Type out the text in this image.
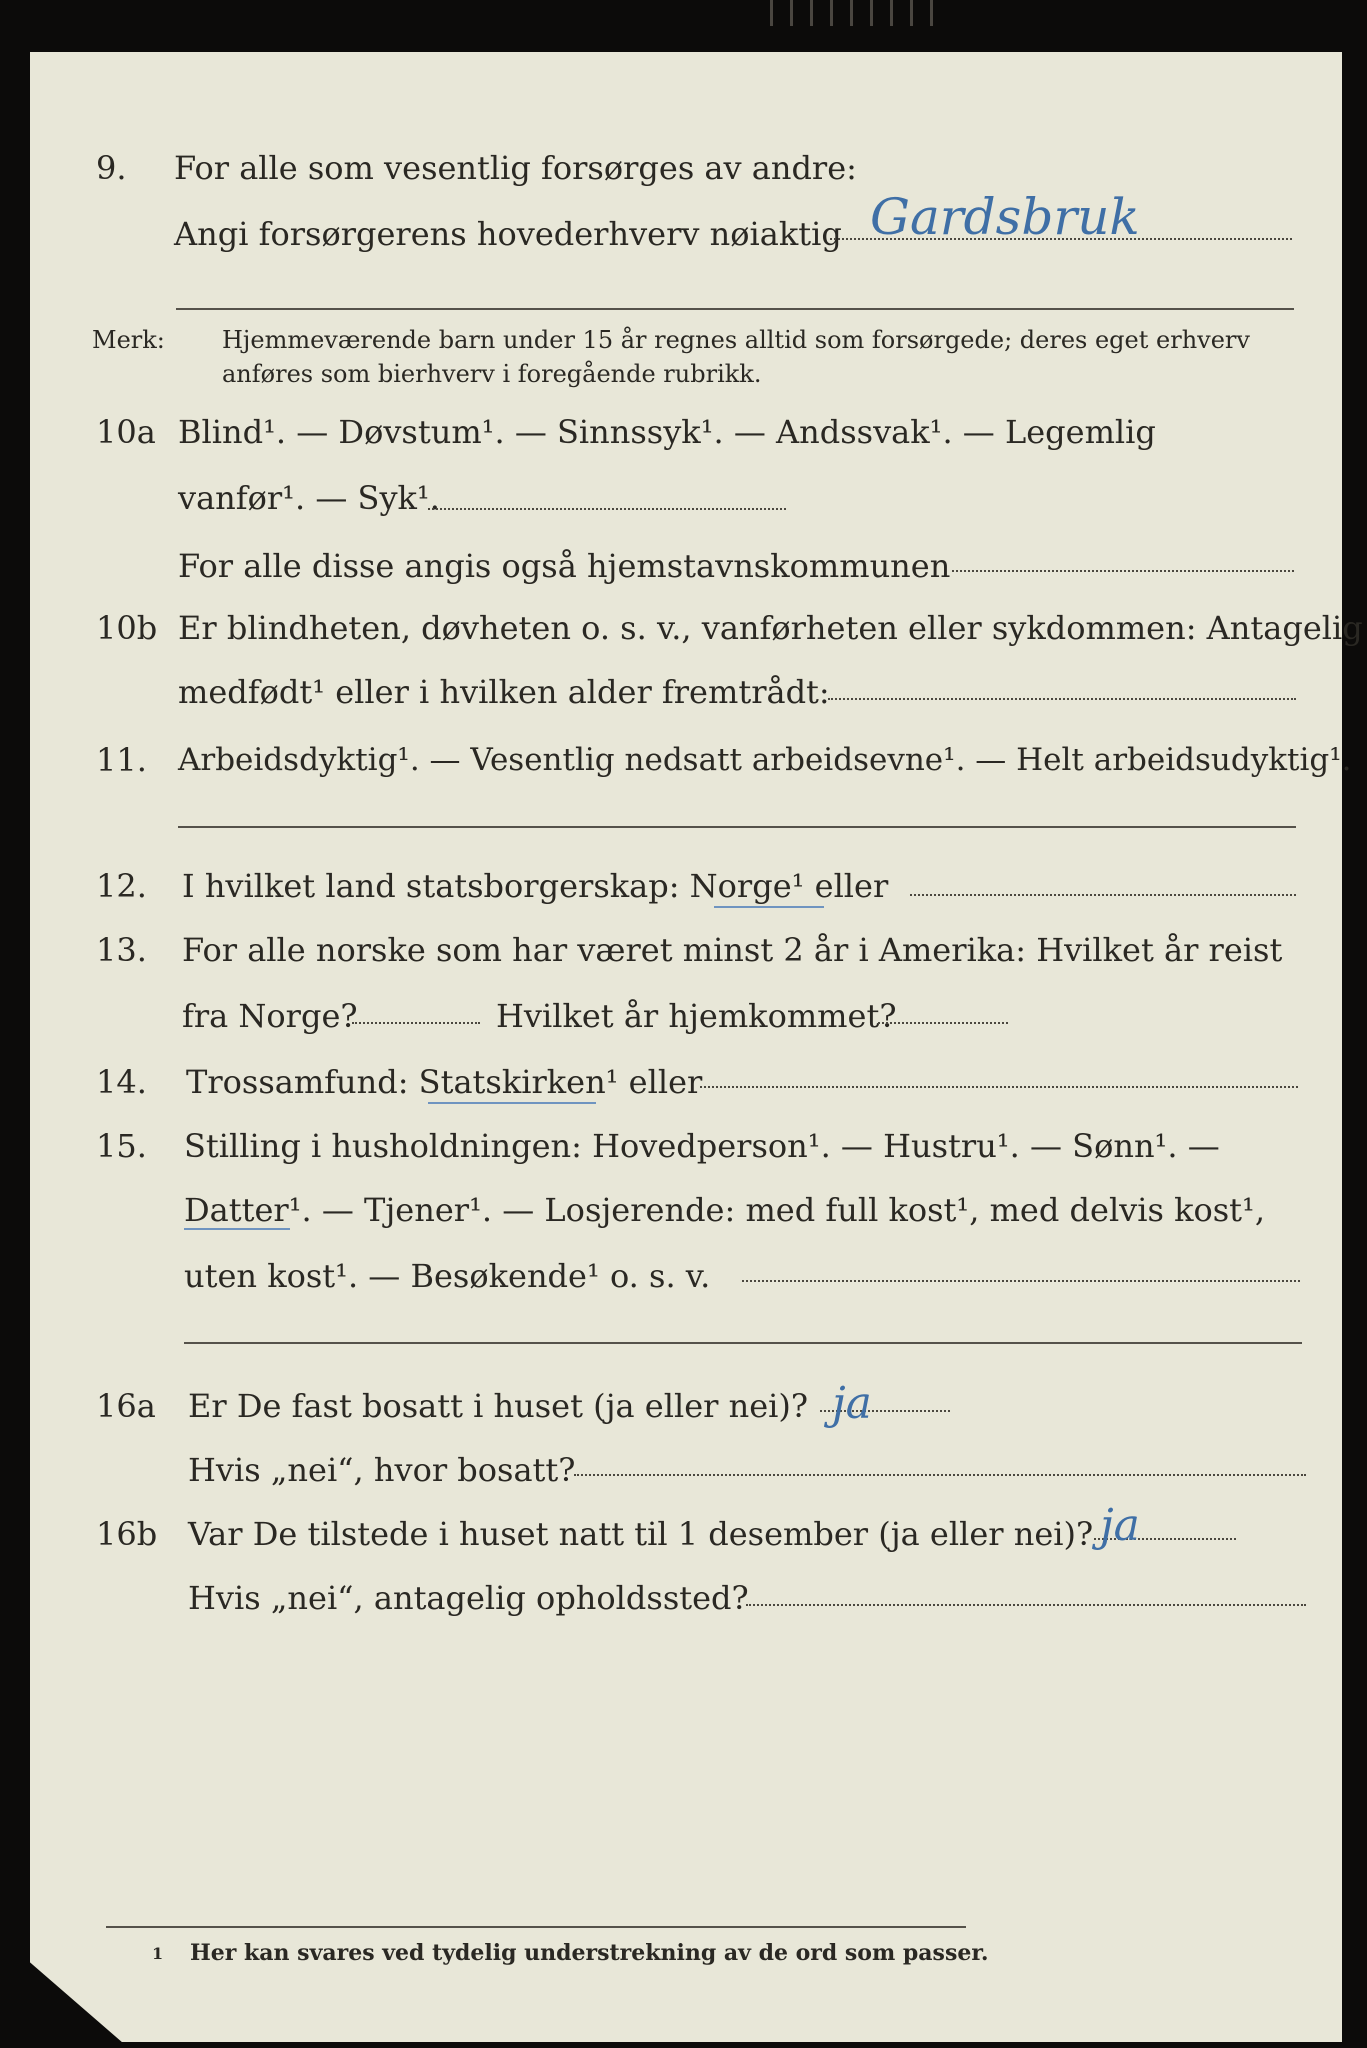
9. For alle som vesentlig forsørges av andre:
Angi forsørgerens hovederhverv nøiaktig Gardsbruk
Merk: Hjemmeværende barn under 15 år regnes alltid som forsørgede; deres eget erhverv
anføres som bierhverv i foregående rubrikk.
10a Blind¹. — Døvstum¹. — Sinnssyk¹. — Andssvak¹. — Legemlig
vanfør¹. — Syk¹.
For alle disse angis også hjemstavnskommunen
10b Er blindheten, døvheten o. s. v., vanførheten eller sykdommen: Antagelig
medfødt¹ eller i hvilken alder fremtrådt:
11. Arbeidsdyktig¹. — Vesentlig nedsatt arbeidsevne¹. — Helt arbeidsudyktig¹.
12. I hvilket land statsborgerskap: Norge¹ eller
13. For alle norske som har været minst 2 år i Amerika: Hvilket år reist
fra Norge?	Hvilket år hjemkommet?
14. Trossamfund: Statskirken¹ eller
15. Stilling i husholdningen: Hovedperson¹. — Hustru¹. — Sønn¹. —
Datter¹. — Tjener¹. — Losjerende: med full kost¹, med delvis kost¹,
uten kost¹. — Besøkende¹ o. s. v.
16a Er De fast bosatt i huset (ja eller nei)? ja
Hvis „nei“, hvor bosatt?
16b Var De tilstede i huset natt til 1 desember (ja eller nei)? ja
Hvis „nei“, antagelig opholdssted?
1 Her kan svares ved tydelig understrekning av de ord som passer.
